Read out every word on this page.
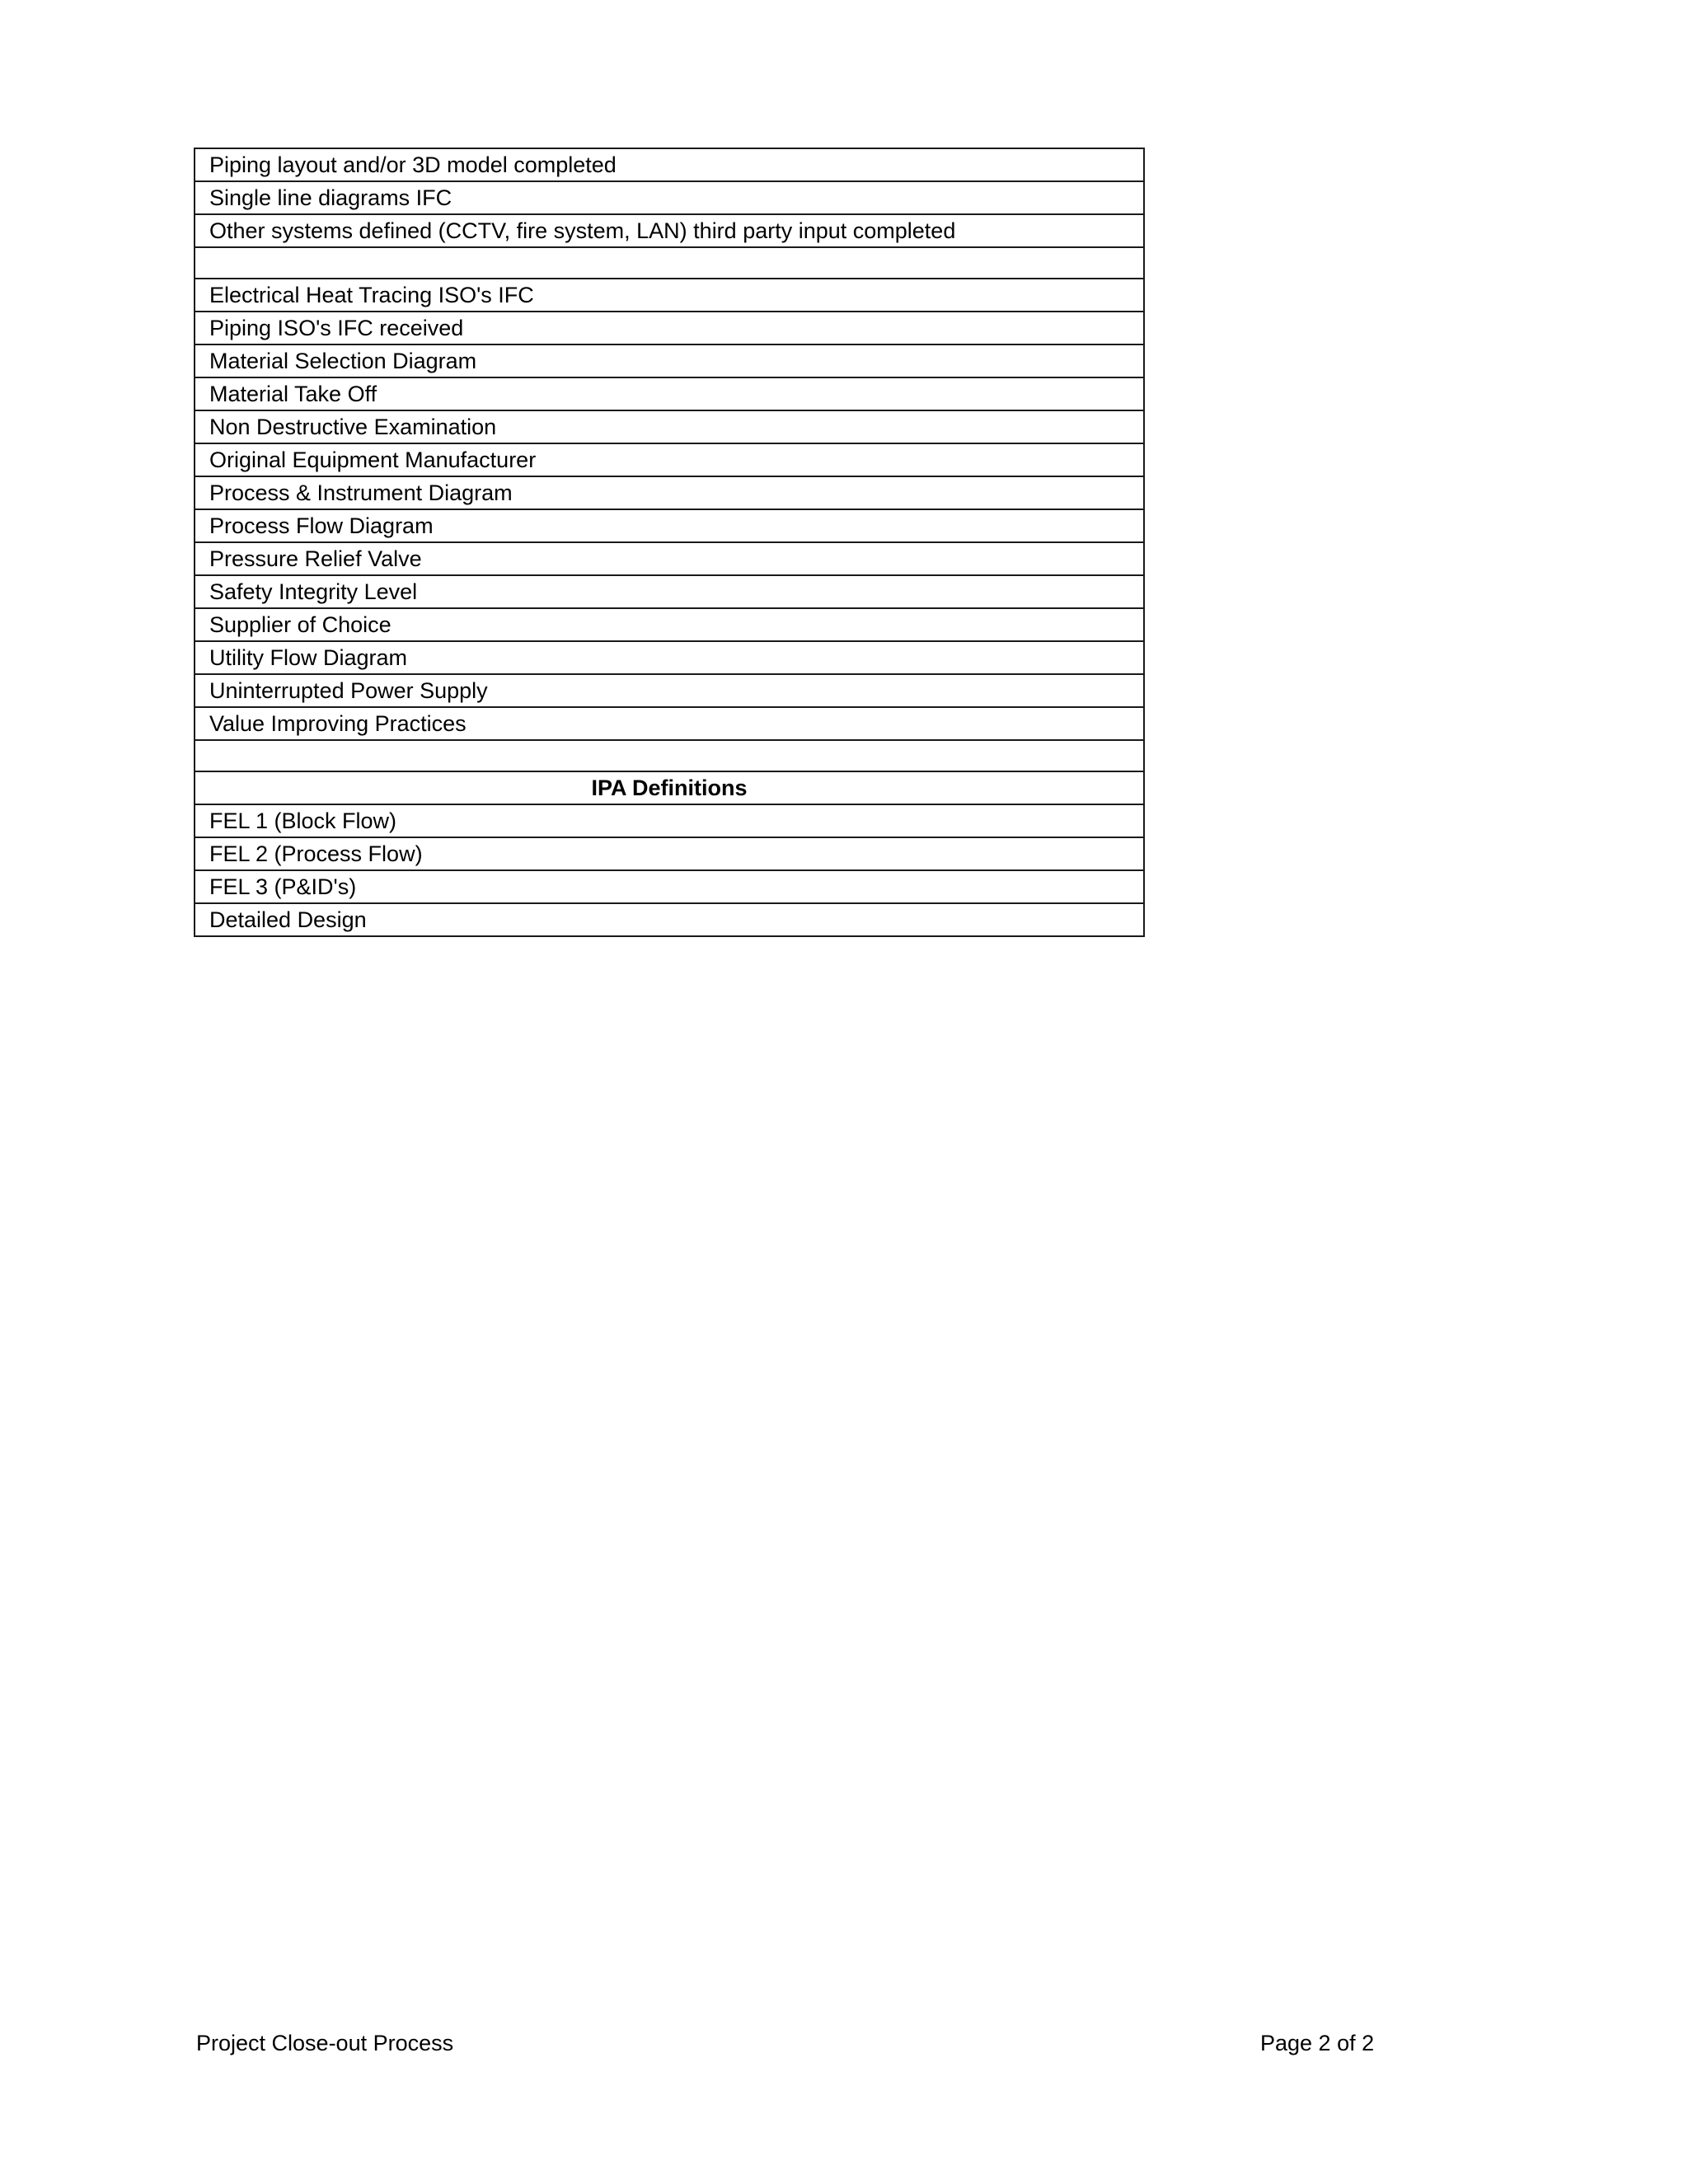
Piping layout and/or 3D model completed
Single line diagrams IFC
Other systems defined (CCTV, fire system, LAN) third party input completed

Electrical Heat Tracing ISO's IFC
Piping ISO's IFC received
Material Selection Diagram
Material Take Off
Non Destructive Examination
Original Equipment Manufacturer
Process & Instrument Diagram
Process Flow Diagram
Pressure Relief Valve
Safety Integrity Level
Supplier of Choice
Utility Flow Diagram
Uninterrupted Power Supply
Value Improving Practices

IPA Definitions
FEL 1 (Block Flow)
FEL 2 (Process Flow)
FEL 3 (P&ID's)
Detailed Design
Project Close-out Process	Page 2 of 2
